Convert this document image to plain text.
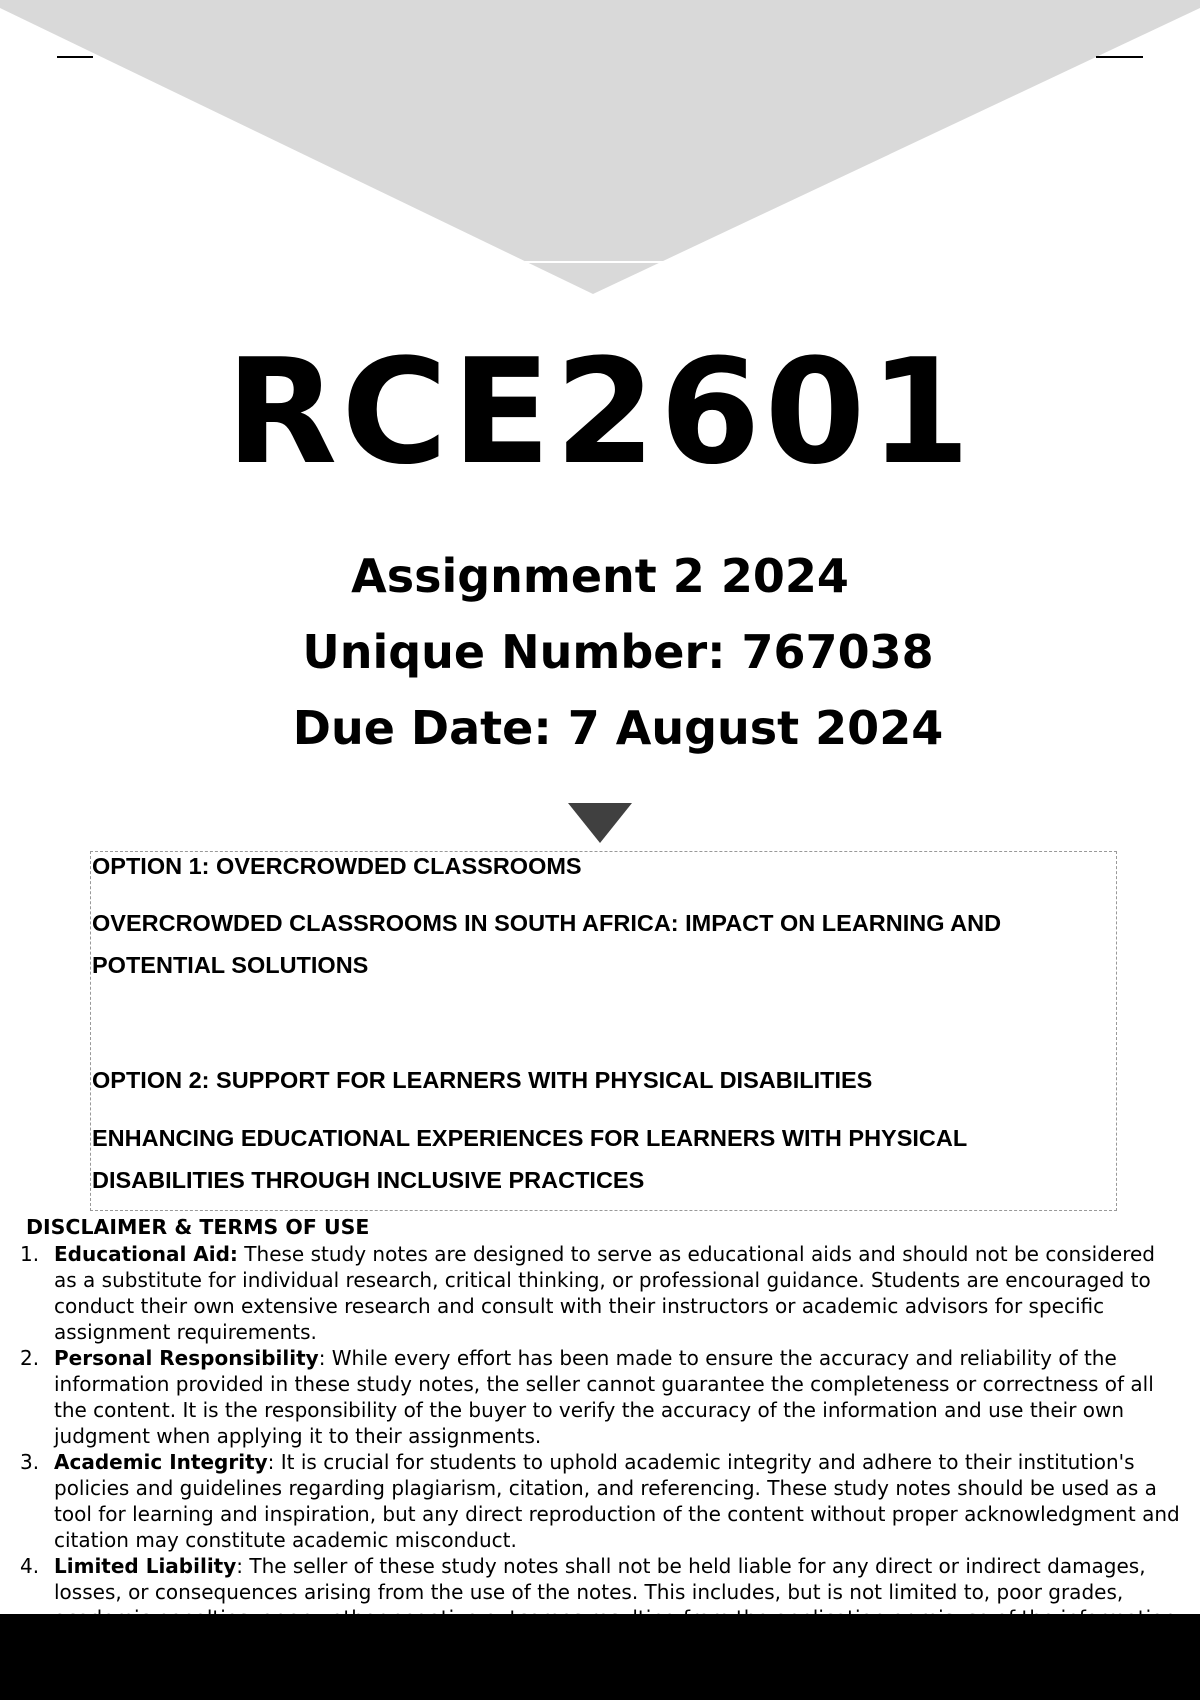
RCE2601
Assignment 2 2024
Unique Number: 767038
Due Date: 7 August 2024
OPTION 1: OVERCROWDED CLASSROOMS
OVERCROWDED CLASSROOMS IN SOUTH AFRICA: IMPACT ON LEARNING AND
POTENTIAL SOLUTIONS
OPTION 2: SUPPORT FOR LEARNERS WITH PHYSICAL DISABILITIES
ENHANCING EDUCATIONAL EXPERIENCES FOR LEARNERS WITH PHYSICAL
DISABILITIES THROUGH INCLUSIVE PRACTICES
DISCLAIMER & TERMS OF USE
1. Educational Aid: These study notes are designed to serve as educational aids and should not be considered as a substitute for individual research, critical thinking, or professional guidance. Students are encouraged to conduct their own extensive research and consult with their instructors or academic advisors for specific assignment requirements.
2. Personal Responsibility: While every effort has been made to ensure the accuracy and reliability of the information provided in these study notes, the seller cannot guarantee the completeness or correctness of all the content. It is the responsibility of the buyer to verify the accuracy of the information and use their own judgment when applying it to their assignments.
3. Academic Integrity: It is crucial for students to uphold academic integrity and adhere to their institution's policies and guidelines regarding plagiarism, citation, and referencing. These study notes should be used as a tool for learning and inspiration, but any direct reproduction of the content without proper acknowledgment and citation may constitute academic misconduct.
4. Limited Liability: The seller of these study notes shall not be held liable for any direct or indirect damages, losses, or consequences arising from the use of the notes. This includes, but is not limited to, poor grades,
